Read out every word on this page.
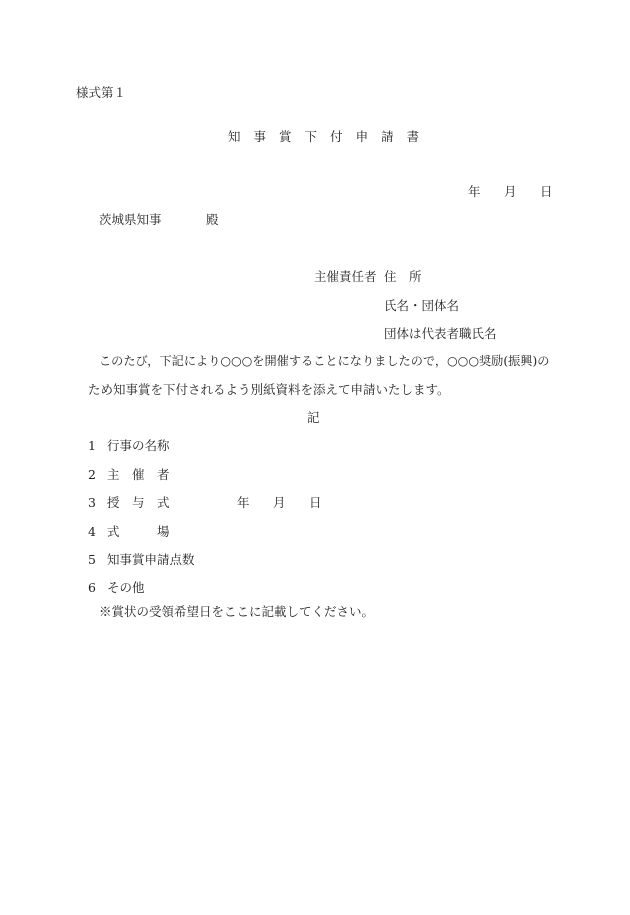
様式第１
知 事 賞 下 付 申 請 書
年 月 日
茨城県知事	殿
主催責任者 住　所
氏名・団体名
団体は代表者職氏名
このたび，下記により○○○を開催することになりましたので，○○○奨励(振興)の
ため知事賞を下付されるよう別紙資料を添えて申請いたします。
記
1 行事の名称
2 主　催　者
3 授　与　式	年 月 日
4 式　　　場
5 知事賞申請点数
6 その他
※賞状の受領希望日をここに記載してください。
